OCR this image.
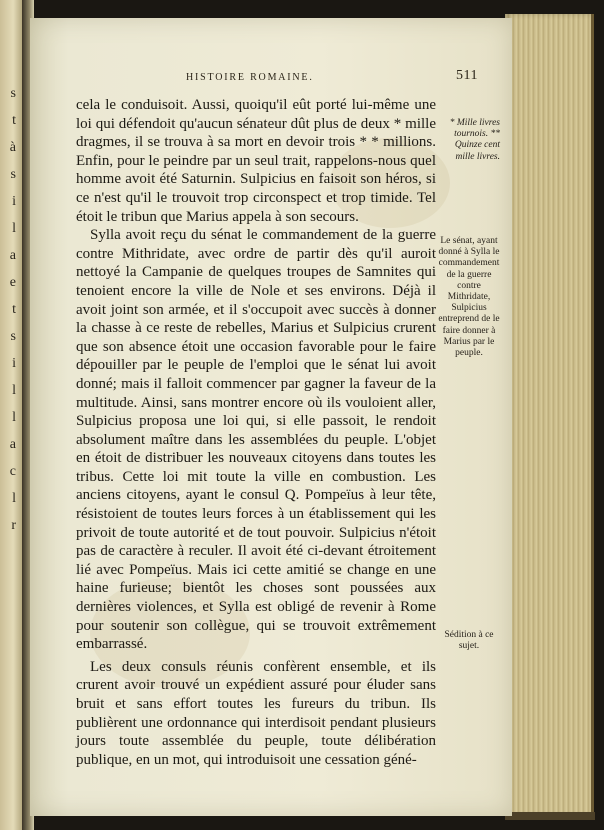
s
t
à
s
i
l
a
e
t
s
i
l
l
a
c
l
r
HISTOIRE ROMAINE.	511

cela le conduisoit. Aussi, quoiqu'il eût porté lui-même une loi qui défendoit qu'aucun sénateur dût plus de deux * mille dragmes, il se trouva à sa mort en devoir trois * * millions. Enfin, pour le peindre par un seul trait, rappelons-nous quel homme avoit été Saturnin. Sulpicius en faisoit son héros, si ce n'est qu'il le trouvoit trop circonspect et trop timide. Tel étoit le tribun que Marius appela à son secours.

Sylla avoit reçu du sénat le commandement de la guerre contre Mithridate, avec ordre de partir dès qu'il auroit nettoyé la Campanie de quelques troupes de Samnites qui tenoient encore la ville de Nole et ses environs. Déjà il avoit joint son armée, et il s'occupoit avec succès à donner la chasse à ce reste de rebelles, Marius et Sulpicius crurent que son absence étoit une occasion favorable pour le faire dépouiller par le peuple de l'emploi que le sénat lui avoit donné; mais il falloit commencer par gagner la faveur de la multitude. Ainsi, sans montrer encore où ils vouloient aller, Sulpicius proposa une loi qui, si elle passoit, le rendoit absolument maître dans les assemblées du peuple. L'objet en étoit de distribuer les nouveaux citoyens dans toutes les tribus. Cette loi mit toute la ville en combustion. Les anciens citoyens, ayant le consul Q. Pompeïus à leur tête, résistoient de toutes leurs forces à un établissement qui les privoit de toute autorité et de tout pouvoir. Sulpicius n'étoit pas de caractère à reculer. Il avoit été ci-devant étroitement lié avec Pompeïus. Mais ici cette amitié se change en une haine furieuse; bientôt les choses sont poussées aux dernières violences, et Sylla est obligé de revenir à Rome pour soutenir son collègue, qui se trouvoit extrêmement embarrassé.

Les deux consuls réunis confèrent ensemble, et ils crurent avoir trouvé un expédient assuré pour éluder sans bruit et sans effort toutes les fureurs du tribun. Ils publièrent une ordonnance qui interdisoit pendant plusieurs jours toute assemblée du peuple, toute délibération publique, en un mot, qui introduisoit une cessation géné-

* Mille livres tournois. ** Quinze cent mille livres.
Le sénat, ayant donné à Sylla le commandement de la guerre contre Mithridate, Sulpicius entreprend de le faire donner à Marius par le peuple.
Sédition à ce sujet.
